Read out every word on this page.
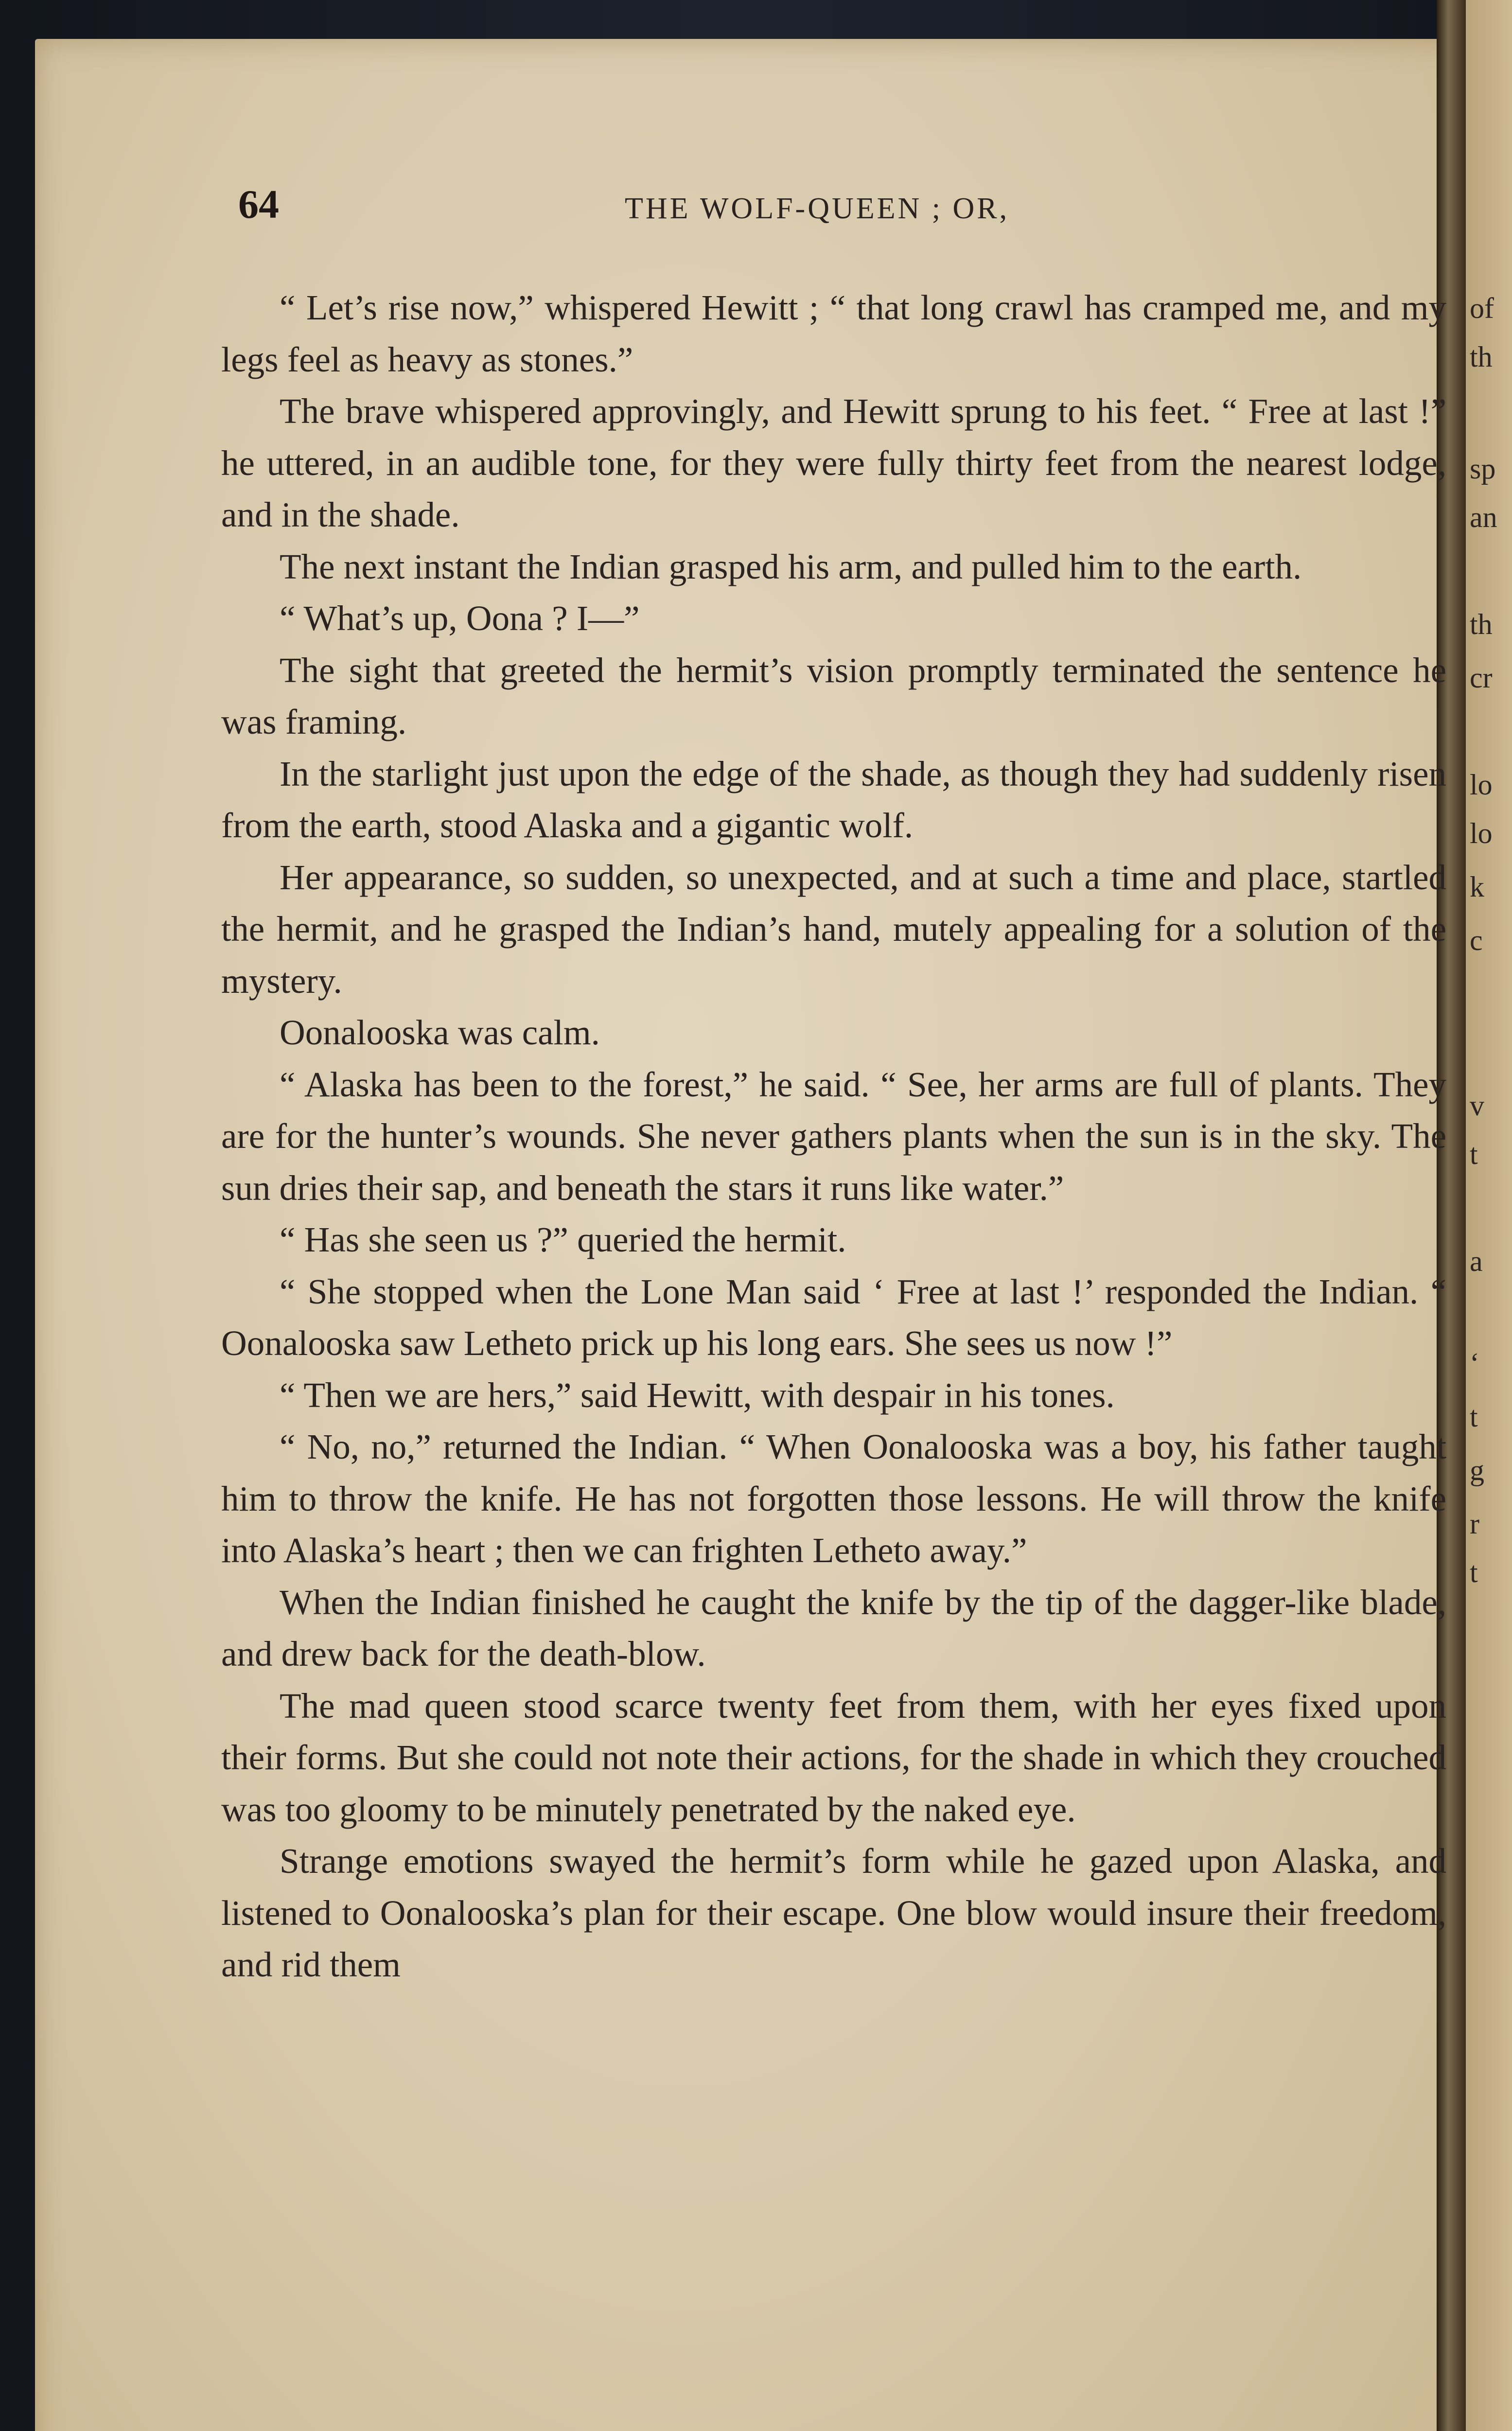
of
th
sp
an
th
cr
lo
lo
k
c
v
t
a
‘
t
g
r
t
64	THE WOLF-QUEEN ; OR,

“ Let’s rise now,” whispered Hewitt ; “ that long crawl has cramped me, and my legs feel as heavy as stones.”

The brave whispered approvingly, and Hewitt sprung to his feet. “ Free at last !” he uttered, in an audible tone, for they were fully thirty feet from the nearest lodge, and in the shade.

The next instant the Indian grasped his arm, and pulled him to the earth.

“ What’s up, Oona ? I—”

The sight that greeted the hermit’s vision promptly terminated the sentence he was framing.

In the starlight just upon the edge of the shade, as though they had suddenly risen from the earth, stood Alaska and a gigantic wolf.

Her appearance, so sudden, so unexpected, and at such a time and place, startled the hermit, and he grasped the Indian’s hand, mutely appealing for a solution of the mystery.

Oonalooska was calm.

“ Alaska has been to the forest,” he said. “ See, her arms are full of plants. They are for the hunter’s wounds. She never gathers plants when the sun is in the sky. The sun dries their sap, and beneath the stars it runs like water.”

“ Has she seen us ?” queried the hermit.

“ She stopped when the Lone Man said ‘ Free at last !’ responded the Indian. “ Oonalooska saw Letheto prick up his long ears. She sees us now !”

“ Then we are hers,” said Hewitt, with despair in his tones.

“ No, no,” returned the Indian. “ When Oonalooska was a boy, his father taught him to throw the knife. He has not forgotten those lessons. He will throw the knife into Alaska’s heart ; then we can frighten Letheto away.”

When the Indian finished he caught the knife by the tip of the dagger-like blade, and drew back for the death-blow.

The mad queen stood scarce twenty feet from them, with her eyes fixed upon their forms. But she could not note their actions, for the shade in which they crouched was too gloomy to be minutely penetrated by the naked eye.

Strange emotions swayed the hermit’s form while he gazed upon Alaska, and listened to Oonalooska’s plan for their escape. One blow would insure their freedom, and rid them
